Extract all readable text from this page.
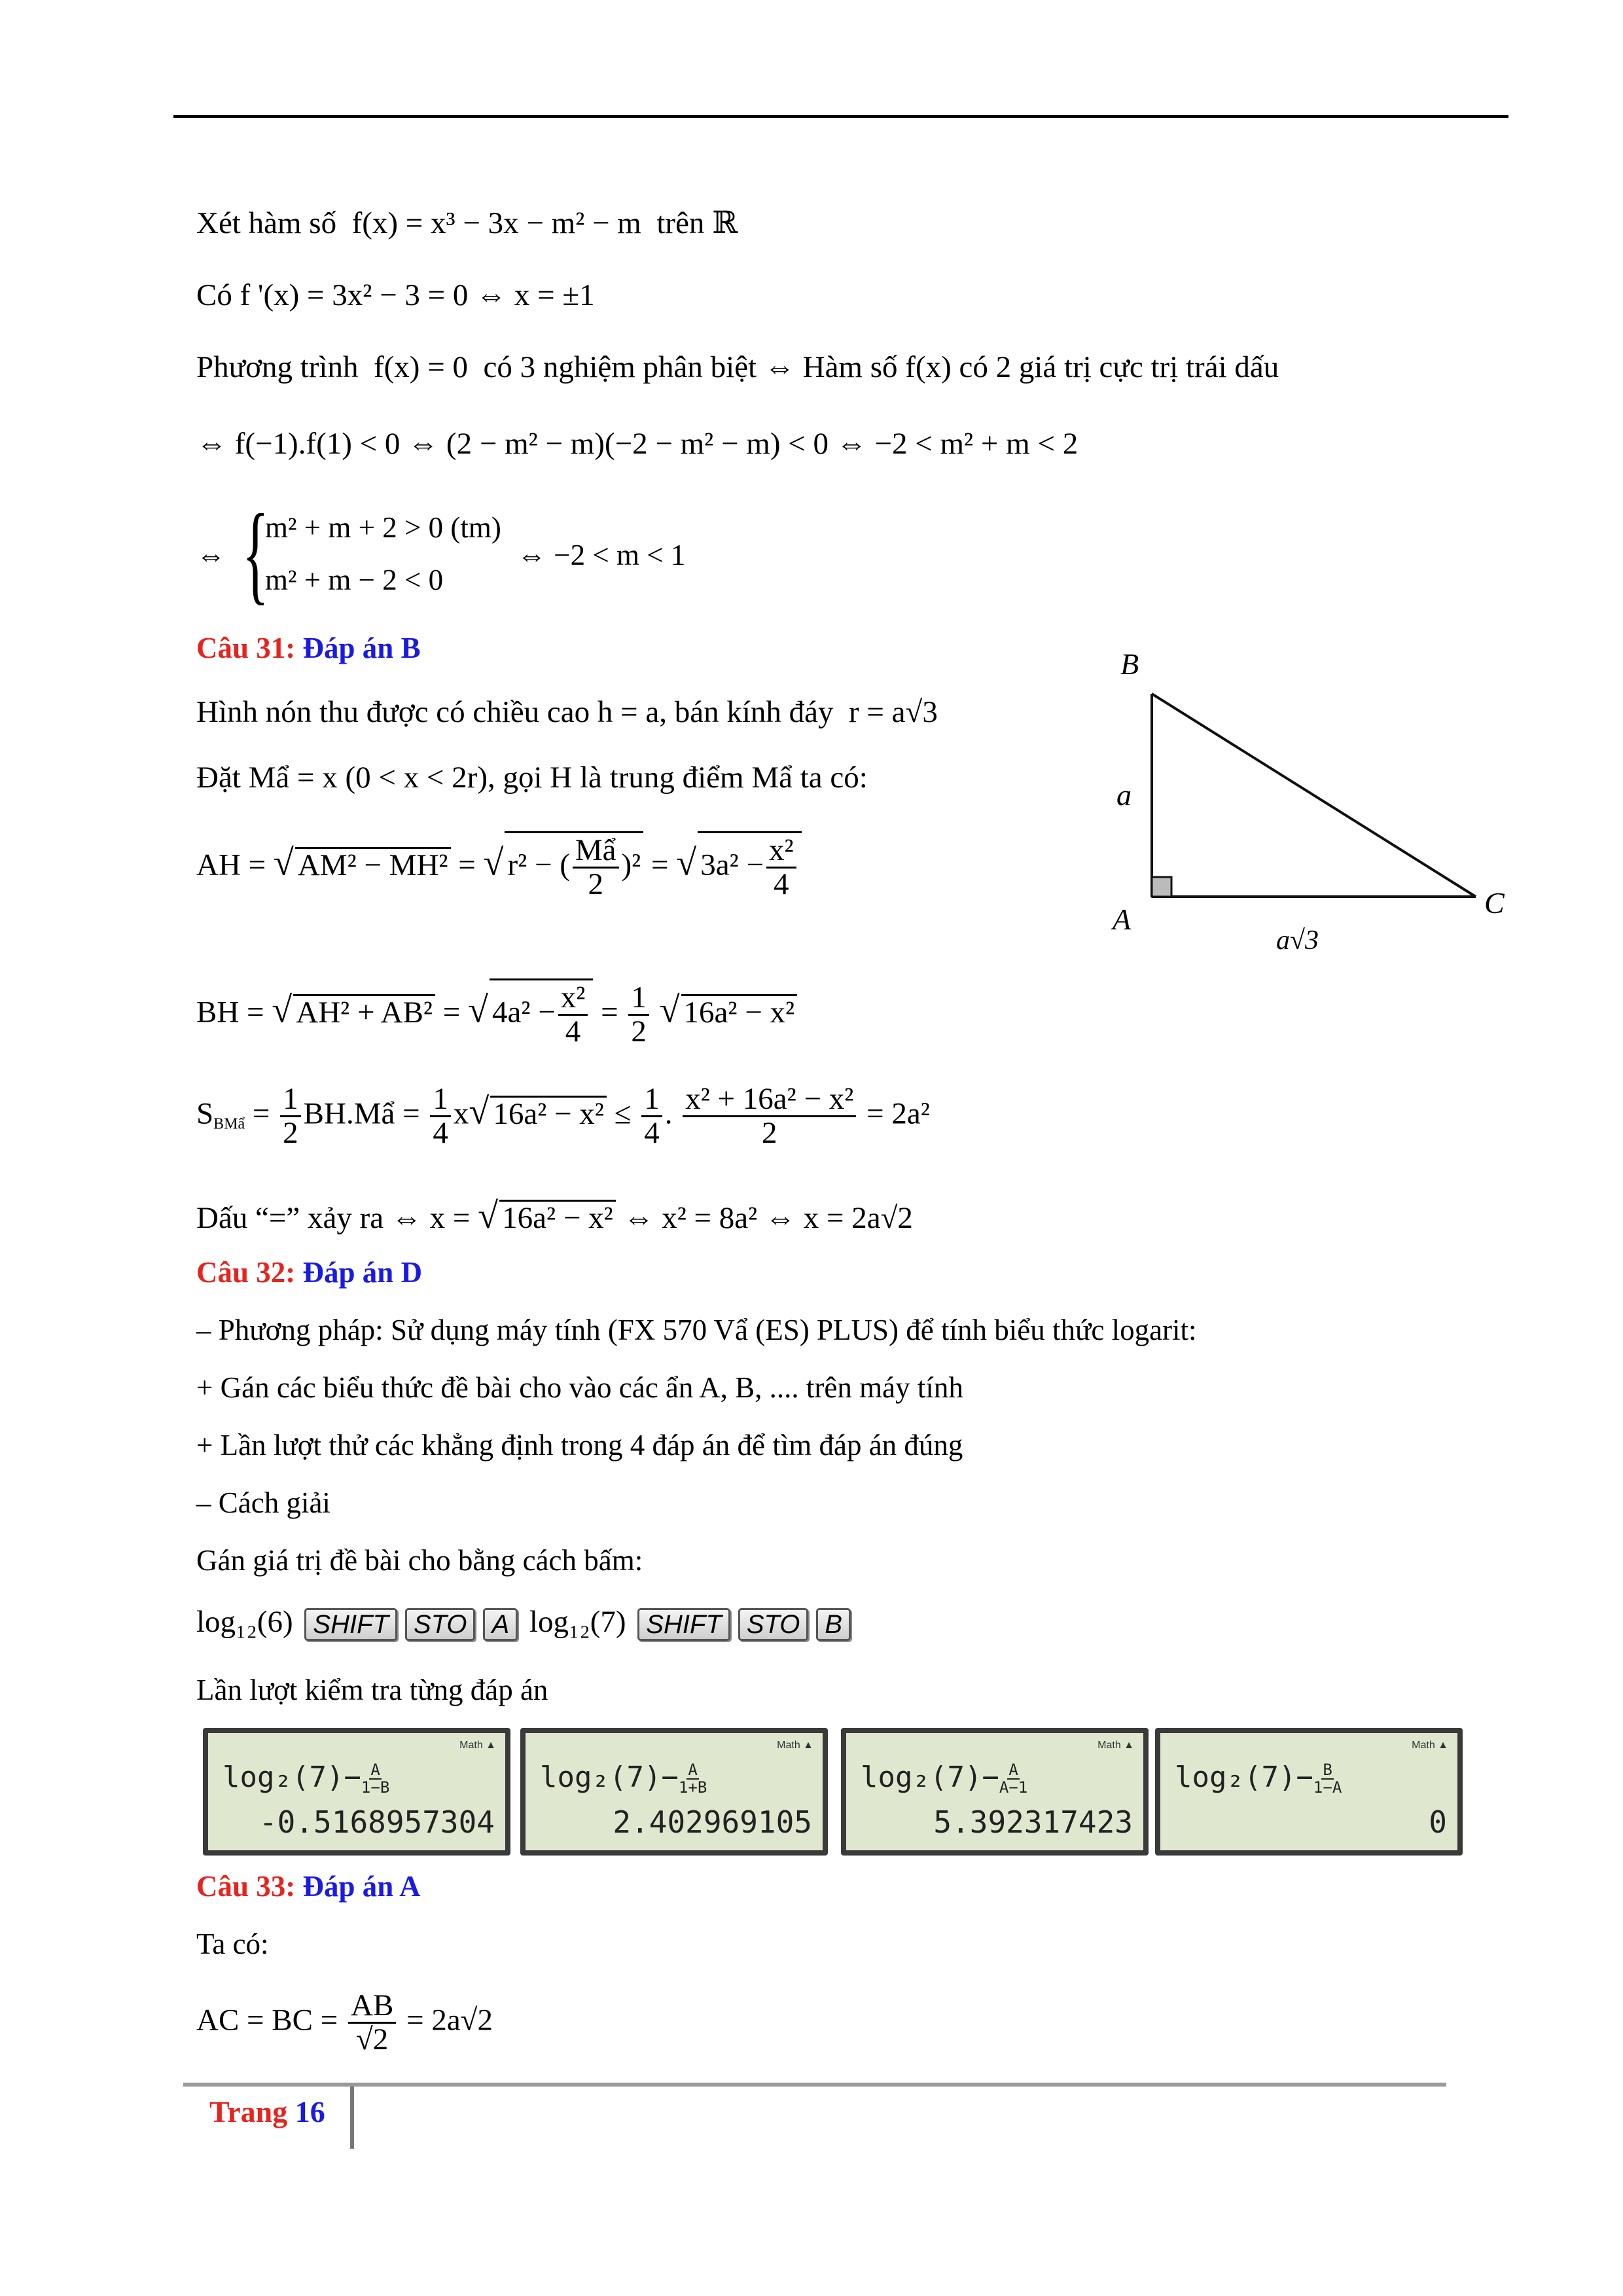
Xét hàm số f(x) = x³ − 3x − m² − m trên ℝ
Có f '(x) = 3x² − 3 = 0 ⇔ x = ±1
Phương trình f(x) = 0 có 3 nghiệm phân biệt ⇔ Hàm số f(x) có 2 giá trị cực trị trái dấu
⇔ f(−1).f(1) < 0 ⇔ (2 − m² − m)(−2 − m² − m) < 0 ⇔ −2 < m² + m < 2
⇔ {
m² + m + 2 > 0 (tm)
m² + m − 2 < 0
⇔ −2 < m < 1
Câu 31: Đáp án B
Hình nón thu được có chiều cao h = a, bán kính đáy r = a√3
Đặt Mẩ = x (0 < x < 2r), gọi H là trung điểm Mẩ ta có:
AH = √ AM² − MH² = √ r² − ( $\frac{\text{Mẩ}}{2} )^2$ = √ $3a^2 - \frac{\text{x²}}{4}$
BH = √ AH² + AB² = √ $4a^2 - \frac{\text{x²}}{4} = \frac{1}{2}$ √ 16a² − x²
$S_{BMẩ} = \frac{1}{2}$ BH.Mẩ = $\frac{1}{4} x√$ $16a^2 - x^2 \le \frac{1}{4}$ . $\frac{\text{x² + 16a² − x²}}{2} = 2a^2$
Dấu “=” xảy ra ⇔ x = √ 16a² − x² ⇔ x² = 8a² ⇔ x = 2a√2
B
a
A	C
a√3
Câu 32: Đáp án D
– Phương pháp: Sử dụng máy tính (FX 570 Vẩ (ES) PLUS) để tính biểu thức logarit:
+ Gán các biểu thức đề bài cho vào các ẩn A, B, .... trên máy tính
+ Lần lượt thử các khẳng định trong 4 đáp án để tìm đáp án đúng
– Cách giải
Gán giá trị đề bài cho bằng cách bấm:
log₁₂(6) SHIFT STO A log₁₂(7) SHIFT STO B
Lần lượt kiểm tra từng đáp án
Math ▲
$\log_2(7)- \frac{A}{1-B}$
-0.5168957304
Math ▲
$\log_2(7)- \frac{A}{1+B}$
2.402969105
Math ▲
$\log_2(7)- \frac{A}{A-1}$
5.392317423
Math ▲
$\log_2(7)- \frac{B}{1-A}$
0
Câu 33: Đáp án A
Ta có:
AC = BC = $\frac{AB}{√2} = 2a√2$
Trang 16
